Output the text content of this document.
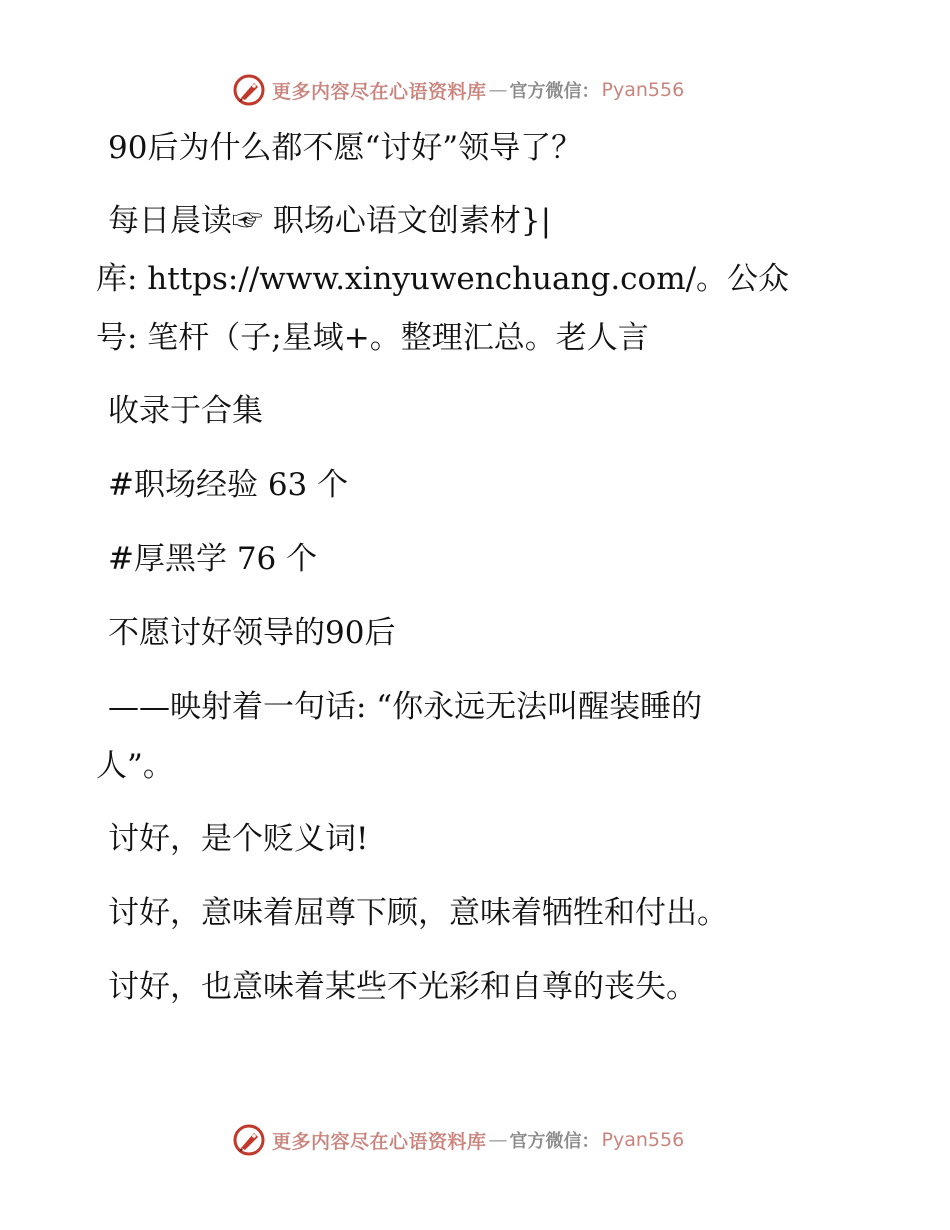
更多内容尽在心语资料库 — 官方微信： Pyan556
90后为什么都不愿“讨好”领导了？
每日晨读☞ 职场心语文创素材}|
库: https://www.xinyuwenchuang.com/。公众
号: 笔杆（子;星域+。整理汇总。老人言
收录于合集
#职场经验 63 个
#厚黑学 76 个
不愿讨好领导的90后
——映射着一句话: “你永远无法叫醒装睡的
人”。
讨好，是个贬义词!
讨好，意味着屈尊下顾，意味着牺牲和付出。
讨好，也意味着某些不光彩和自尊的丧失。
更多内容尽在心语资料库 — 官方微信： Pyan556
